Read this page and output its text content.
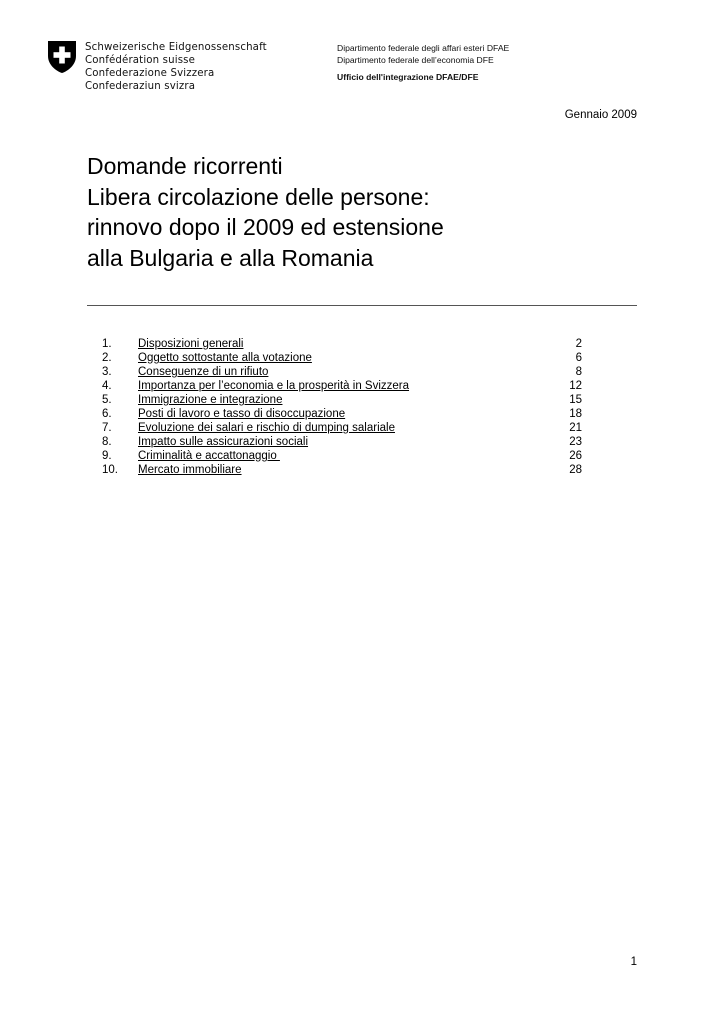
Schweizerische Eidgenossenschaft
Confédération suisse
Confederazione Svizzera
Confederaziun svizra
Dipartimento federale degli affari esteri DFAE
Dipartimento federale dell’economia DFE
Ufficio dell'integrazione DFAE/DFE
Gennaio 2009
Domande ricorrenti
Libera circolazione delle persone:
rinnovo dopo il 2009 ed estensione
alla Bulgaria e alla Romania
1. Disposizioni generali	2
2. Oggetto sottostante alla votazione	6
3. Conseguenze di un rifiuto	8
4. Importanza per l’economia e la prosperità in Svizzera	12
5. Immigrazione e integrazione	15
6. Posti di lavoro e tasso di disoccupazione	18
7. Evoluzione dei salari e rischio di dumping salariale	21
8. Impatto sulle assicurazioni sociali	23
9. Criminalità e accattonaggio	26
10. Mercato immobiliare	28
1
